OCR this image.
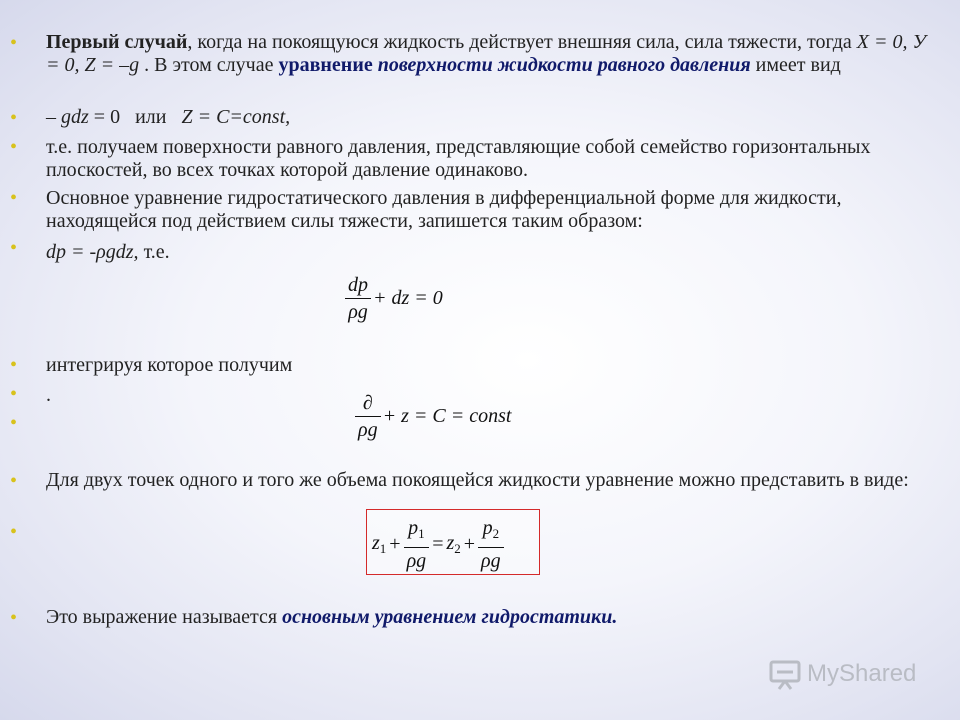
•
•
•
•
•
•
•
•
•
•
•
Первый случай, когда на покоящуюся жидкость действует внешняя сила, сила тяжести, тогда X = 0, У = 0, Z = –g . В этом случае уравнение поверхности жидкости равного давления имеет вид
– gdz = 0   или   Z = C=const,
т.е. получаем поверхности равного давления, представляющие собой семейство горизонтальных плоскостей, во всех точках которой давление одинаково.
Основное уравнение гидростатического давления в дифференциальной форме для жидкости, находящейся под действием силы тяжести, запишется таким образом:
dp = -ρgdz, т.е.
$\frac{dp}{\rho g}$ + dz = 0
интегрируя которое получим
.	$\frac{\partial}{\rho g} + z = C$ = const
Для двух точек одного и того же объема покоящейся жидкости уравнение можно представить в виде:
$z_1 + \frac{p_1}{\rho g} = z_2 + \frac{p_2}{\rho g}$
Это выражение называется основным уравнением гидростатики.
MyShared
